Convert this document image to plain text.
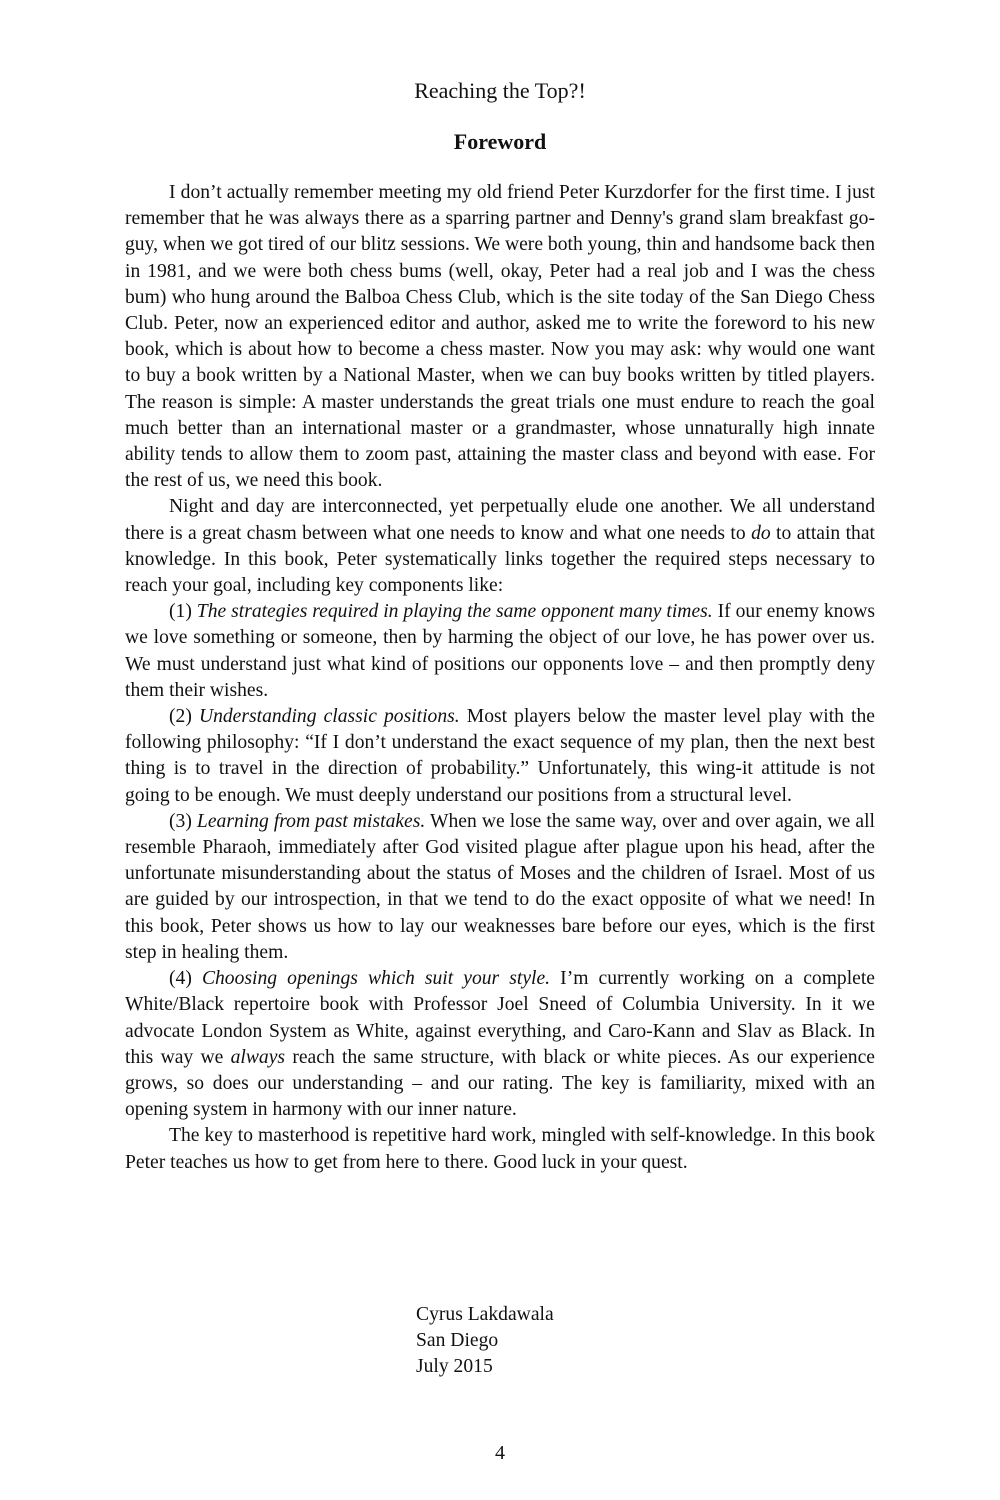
Reaching the Top?!
Foreword

I don’t actually remember meeting my old friend Peter Kurzdorfer for the first time. I just remember that he was always there as a sparring partner and Denny's grand slam breakfast go-guy, when we got tired of our blitz sessions. We were both young, thin and handsome back then in 1981, and we were both chess bums (well, okay, Peter had a real job and I was the chess bum) who hung around the Balboa Chess Club, which is the site today of the San Diego Chess Club. Peter, now an experienced editor and author, asked me to write the foreword to his new book, which is about how to become a chess master. Now you may ask: why would one want to buy a book written by a National Master, when we can buy books written by titled players. The reason is simple: A master understands the great trials one must endure to reach the goal much better than an international master or a grandmaster, whose unnaturally high innate ability tends to allow them to zoom past, attaining the master class and beyond with ease. For the rest of us, we need this book.

Night and day are interconnected, yet perpetually elude one another. We all understand there is a great chasm between what one needs to know and what one needs to do to attain that knowledge. In this book, Peter systematically links together the required steps necessary to reach your goal, including key components like:

(1) The strategies required in playing the same opponent many times. If our enemy knows we love something or someone, then by harming the object of our love, he has power over us. We must understand just what kind of positions our opponents love – and then promptly deny them their wishes.

(2) Understanding classic positions. Most players below the master level play with the following philosophy: “If I don’t understand the exact sequence of my plan, then the next best thing is to travel in the direction of probability.” Unfortunately, this wing-it attitude is not going to be enough. We must deeply understand our positions from a structural level.

(3) Learning from past mistakes. When we lose the same way, over and over again, we all resemble Pharaoh, immediately after God visited plague after plague upon his head, after the unfortunate misunderstanding about the status of Moses and the children of Israel. Most of us are guided by our introspection, in that we tend to do the exact opposite of what we need! In this book, Peter shows us how to lay our weaknesses bare before our eyes, which is the first step in healing them.

(4) Choosing openings which suit your style. I’m currently working on a complete White/Black repertoire book with Professor Joel Sneed of Columbia University. In it we advocate London System as White, against everything, and Caro-Kann and Slav as Black. In this way we always reach the same structure, with black or white pieces. As our experience grows, so does our understanding – and our rating. The key is familiarity, mixed with an opening system in harmony with our inner nature.

The key to masterhood is repetitive hard work, mingled with self-knowledge. In this book Peter teaches us how to get from here to there. Good luck in your quest.

Cyrus Lakdawala
San Diego
July 2015
4
